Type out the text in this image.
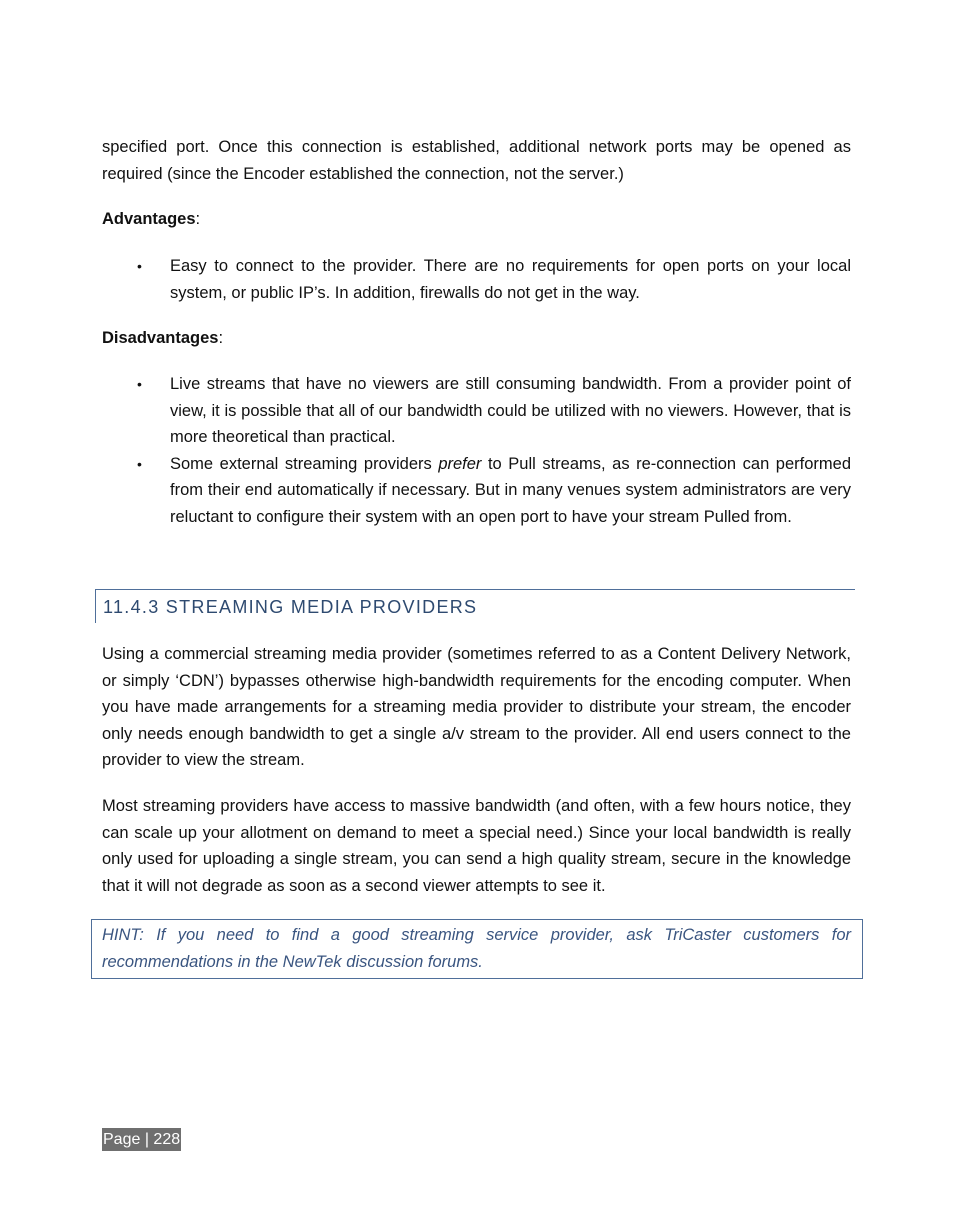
specified port. Once this connection is established, additional network ports may be opened as required (since the Encoder established the connection, not the server.)

Advantages:
• Easy to connect to the provider. There are no requirements for open ports on your local system, or public IP’s. In addition, firewalls do not get in the way.
Disadvantages:
• Live streams that have no viewers are still consuming bandwidth. From a provider point of view, it is possible that all of our bandwidth could be utilized with no viewers. However, that is more theoretical than practical.
• Some external streaming providers prefer to Pull streams, as re-connection can performed from their end automatically if necessary. But in many venues system administrators are very reluctant to configure their system with an open port to have your stream Pulled from.
11.4.3 STREAMING MEDIA PROVIDERS

Using a commercial streaming media provider (sometimes referred to as a Content Delivery Network, or simply ‘CDN’) bypasses otherwise high-bandwidth requirements for the encoding computer. When you have made arrangements for a streaming media provider to distribute your stream, the encoder only needs enough bandwidth to get a single a/v stream to the provider. All end users connect to the provider to view the stream.

Most streaming providers have access to massive bandwidth (and often, with a few hours notice, they can scale up your allotment on demand to meet a special need.) Since your local bandwidth is really only used for uploading a single stream, you can send a high quality stream, secure in the knowledge that it will not degrade as soon as a second viewer attempts to see it.

HINT: If you need to find a good streaming service provider, ask TriCaster customers for recommendations in the NewTek discussion forums.
Page | 228
